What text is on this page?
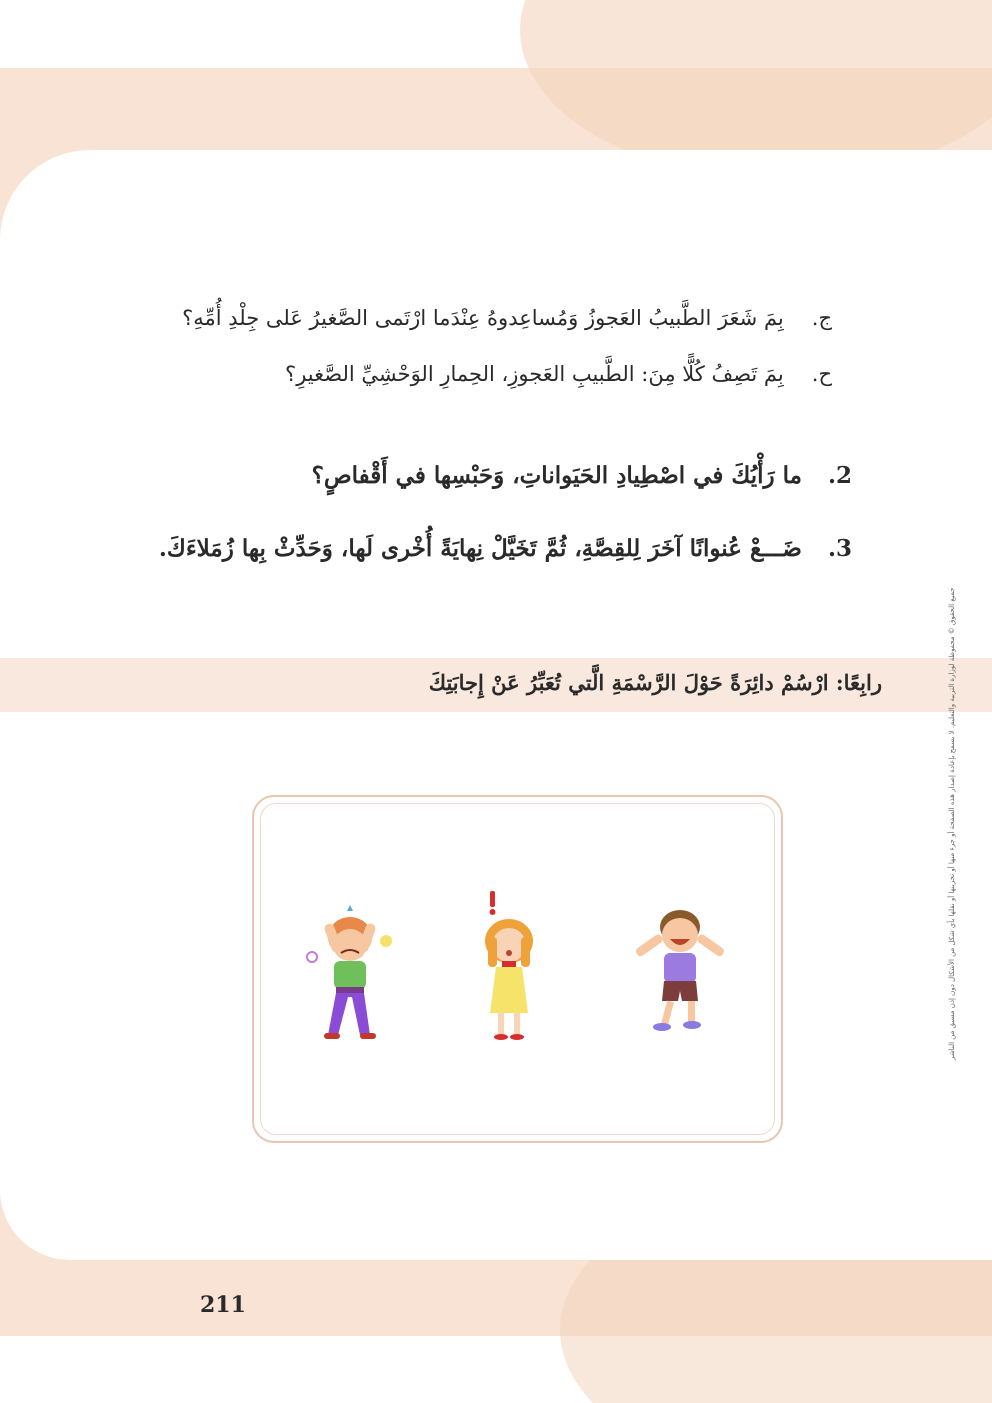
ج.بِمَ شَعَرَ الطَّبيبُ العَجوزُ وَمُساعِدوهُ عِنْدَما ارْتَمى الصَّغيرُ عَلى جِلْدِ أُمِّهِ؟
ح.بِمَ تَصِفُ كُلًّا مِنَ: الطَّبيبِ العَجوزِ، الحِمارِ الوَحْشِيِّ الصَّغيرِ؟
2.ما رَأْيُكَ في اصْطِيادِ الحَيَواناتِ، وَحَبْسِها في أَقْفاصٍ؟
3.ضَـــعْ عُنوانًا آخَرَ لِلقِصَّةِ، ثُمَّ تَخَيَّلْ نِهايَةً أُخْرى لَها، وَحَدِّثْ بِها زُمَلاءَكَ.
رابِعًا: ارْسُمْ دائِرَةً حَوْلَ الرَّسْمَةِ الَّتي تُعَبِّرُ عَنْ إِجابَتِكَ	جميع الحقوق © محفوظة لوزارة التربية والتعليم. لا يسمح بإعادة إصدار هذه الصفحة أو جزء منها أو تخزينها أو نقلها بأي شكل من الأشكال دون إذن مسبق من الناشر
211
